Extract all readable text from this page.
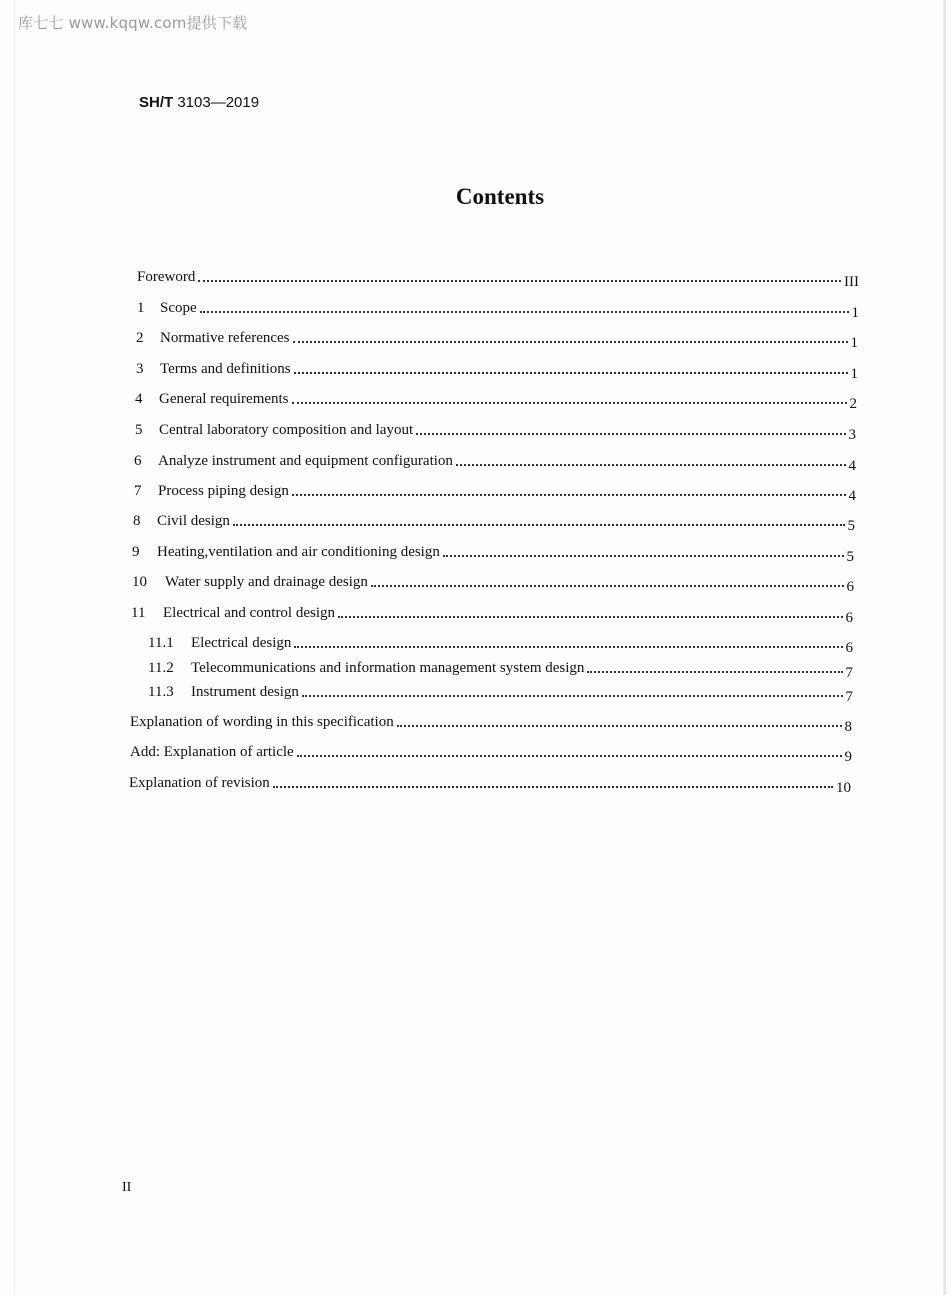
库七七 www.kqqw.com提供下载
SH/T 3103—2019
Contents
Foreword	III
1	Scope	1
2	Normative references	1
3	Terms and definitions	1
4	General requirements	2
5	Central laboratory composition and layout	3
6	Analyze instrument and equipment configuration	4
7	Process piping design	4
8	Civil design	5
9	Heating,ventilation and air conditioning design	5
10	Water supply and drainage design	6
11	Electrical and control design	6
11.1	Electrical design	6
11.2	Telecommunications and information management system design	7
11.3	Instrument design	7
Explanation of wording in this specification	8
Add: Explanation of article	9
Explanation of revision	10
II
